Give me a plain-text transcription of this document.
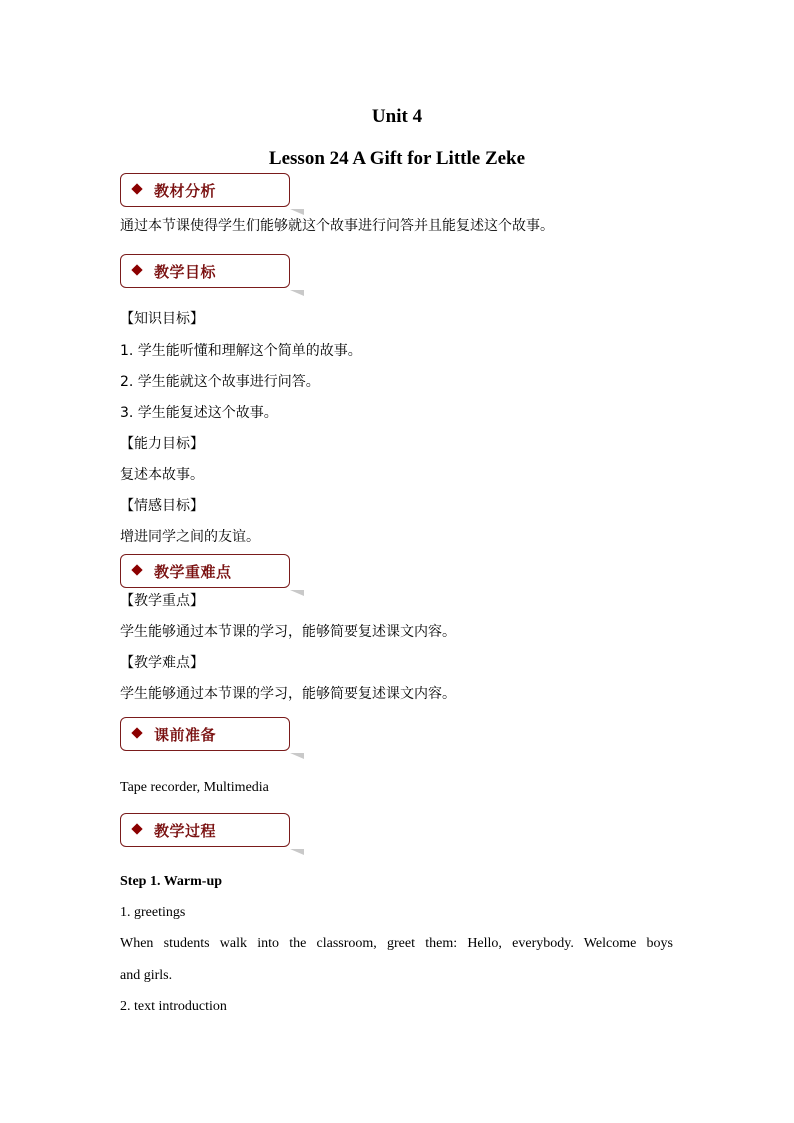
Unit 4
Lesson 24 A Gift for Little Zeke
教材分析
通过本节课使得学生们能够就这个故事进行问答并且能复述这个故事。
教学目标
【知识目标】
1. 学生能听懂和理解这个简单的故事。
2. 学生能就这个故事进行问答。
3. 学生能复述这个故事。
【能力目标】
复述本故事。
【情感目标】
增进同学之间的友谊。
教学重难点
【教学重点】
学生能够通过本节课的学习，能够简要复述课文内容。
【教学难点】
学生能够通过本节课的学习，能够简要复述课文内容。
课前准备
Tape recorder, Multimedia
教学过程
Step 1. Warm-up
1. greetings
When students walk into the classroom, greet them: Hello, everybody. Welcome boys
and girls.
2. text introduction
